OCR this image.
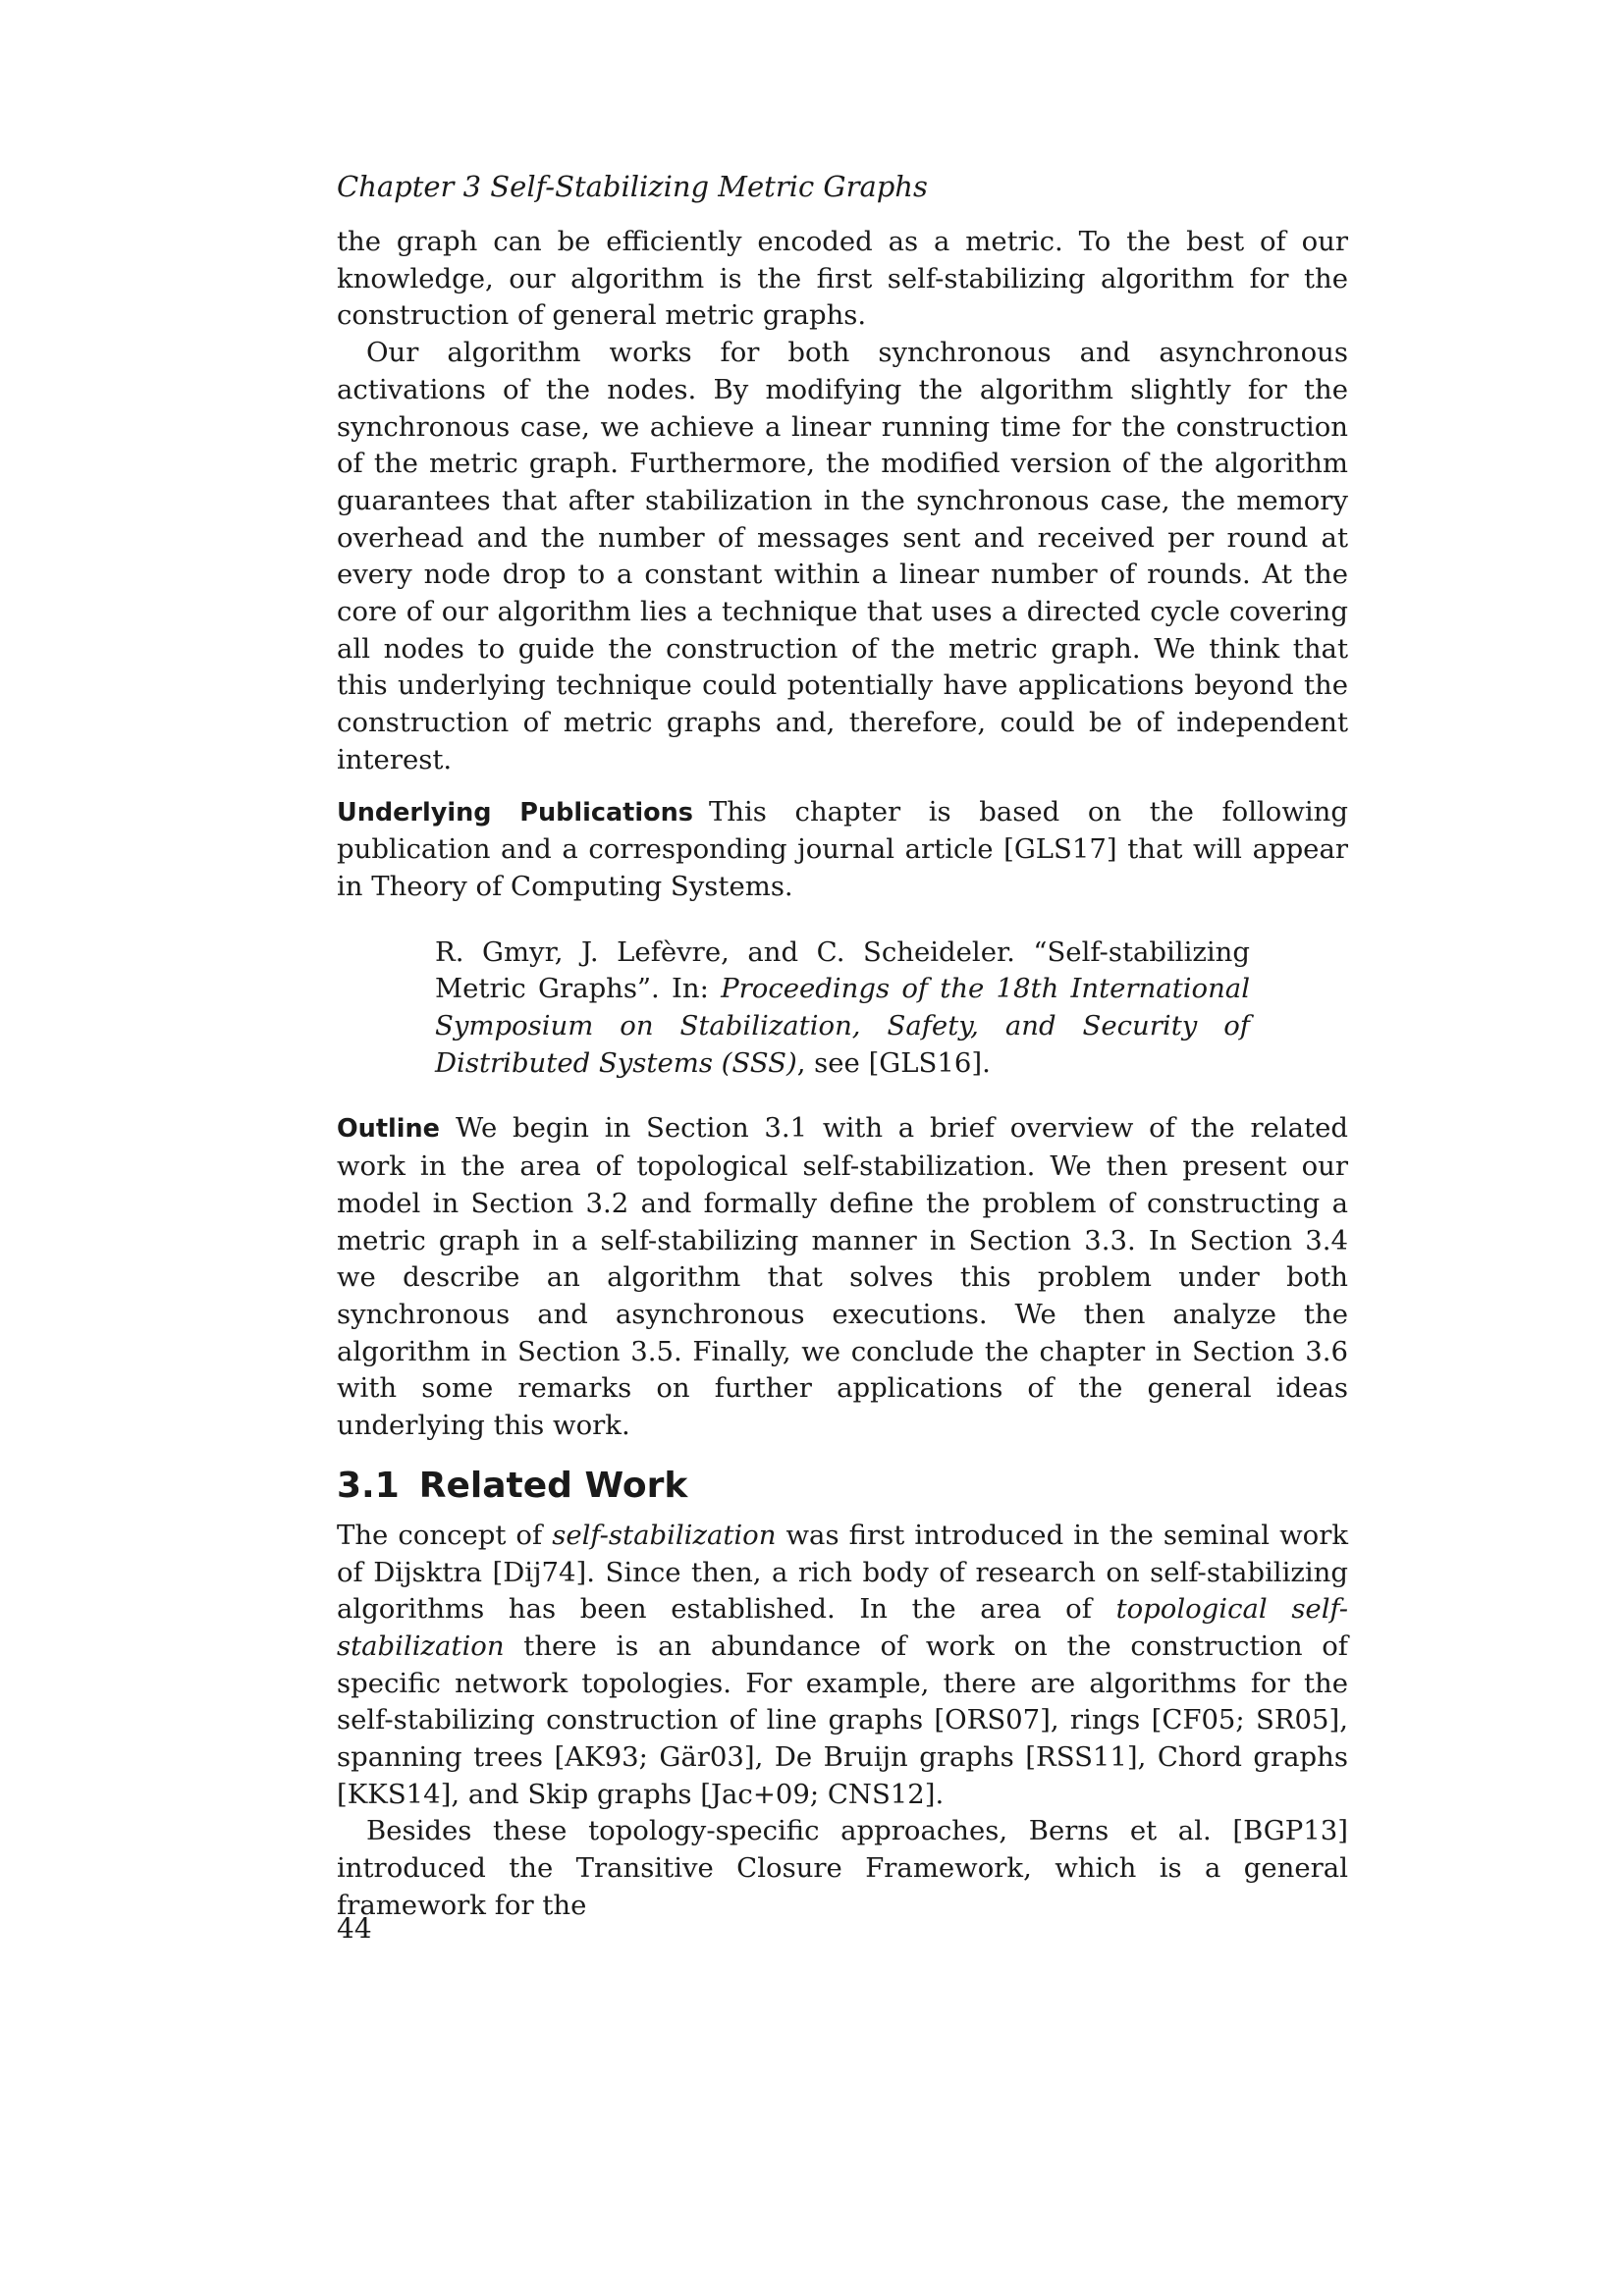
Chapter 3 Self-Stabilizing Metric Graphs

the graph can be efficiently encoded as a metric. To the best of our knowledge, our algorithm is the first self-stabilizing algorithm for the construction of general metric graphs.

Our algorithm works for both synchronous and asynchronous activations of the nodes. By modifying the algorithm slightly for the synchronous case, we achieve a linear running time for the construction of the metric graph. Furthermore, the modified version of the algorithm guarantees that after stabilization in the synchronous case, the memory overhead and the number of messages sent and received per round at every node drop to a constant within a linear number of rounds. At the core of our algorithm lies a technique that uses a directed cycle covering all nodes to guide the construction of the metric graph. We think that this underlying technique could potentially have applications beyond the construction of metric graphs and, therefore, could be of independent interest.

Underlying Publications This chapter is based on the following publication and a corresponding journal article [GLS17] that will appear in Theory of Computing Systems.

R. Gmyr, J. Lefèvre, and C. Scheideler. “Self-stabilizing Metric Graphs”. In: Proceedings of the 18th International Symposium on Stabilization, Safety, and Security of Distributed Systems (SSS), see [GLS16].

Outline We begin in Section 3.1 with a brief overview of the related work in the area of topological self-stabilization. We then present our model in Section 3.2 and formally define the problem of constructing a metric graph in a self-stabilizing manner in Section 3.3. In Section 3.4 we describe an algorithm that solves this problem under both synchronous and asynchronous executions. We then analyze the algorithm in Section 3.5. Finally, we conclude the chapter in Section 3.6 with some remarks on further applications of the general ideas underlying this work.

3.1 Related Work

The concept of self-stabilization was first introduced in the seminal work of Dijsktra [Dij74]. Since then, a rich body of research on self-stabilizing algorithms has been established. In the area of topological self-stabilization there is an abundance of work on the construction of specific network topologies. For example, there are algorithms for the self-stabilizing construction of line graphs [ORS07], rings [CF05; SR05], spanning trees [AK93; Gär03], De Bruijn graphs [RSS11], Chord graphs [KKS14], and Skip graphs [Jac+09; CNS12].

Besides these topology-specific approaches, Berns et al. [BGP13] introduced the Transitive Closure Framework, which is a general framework for the

44
